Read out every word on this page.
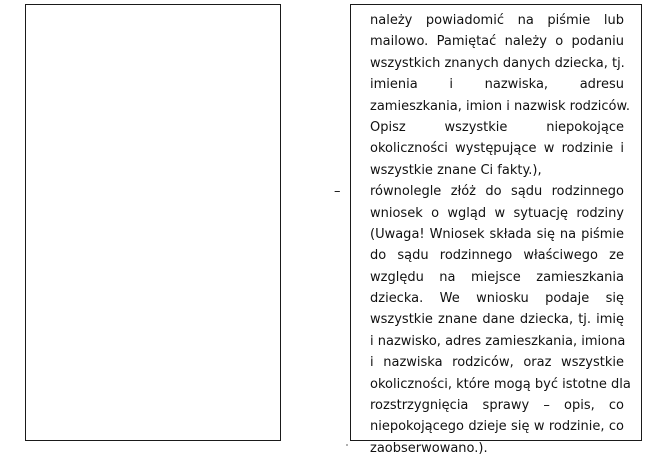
należy powiadomić na piśmie lub
mailowo. Pamiętać należy o podaniu
wszystkich znanych danych dziecka, tj.
imienia i nazwiska, adresu
zamieszkania, imion i nazwisk rodziców.
Opisz wszystkie niepokojące
okoliczności występujące w rodzinie i
wszystkie znane Ci fakty.),
–	równolegle złóż do sądu rodzinnego
wniosek o wgląd w sytuację rodziny
(Uwaga! Wniosek składa się na piśmie
do sądu rodzinnego właściwego ze
względu na miejsce zamieszkania
dziecka. We wniosku podaje się
wszystkie znane dane dziecka, tj. imię
i nazwisko, adres zamieszkania, imiona
i nazwiska rodziców, oraz wszystkie
okoliczności, które mogą być istotne dla
rozstrzygnięcia sprawy – opis, co
niepokojącego dzieje się w rodzinie, co
zaobserwowano.).
